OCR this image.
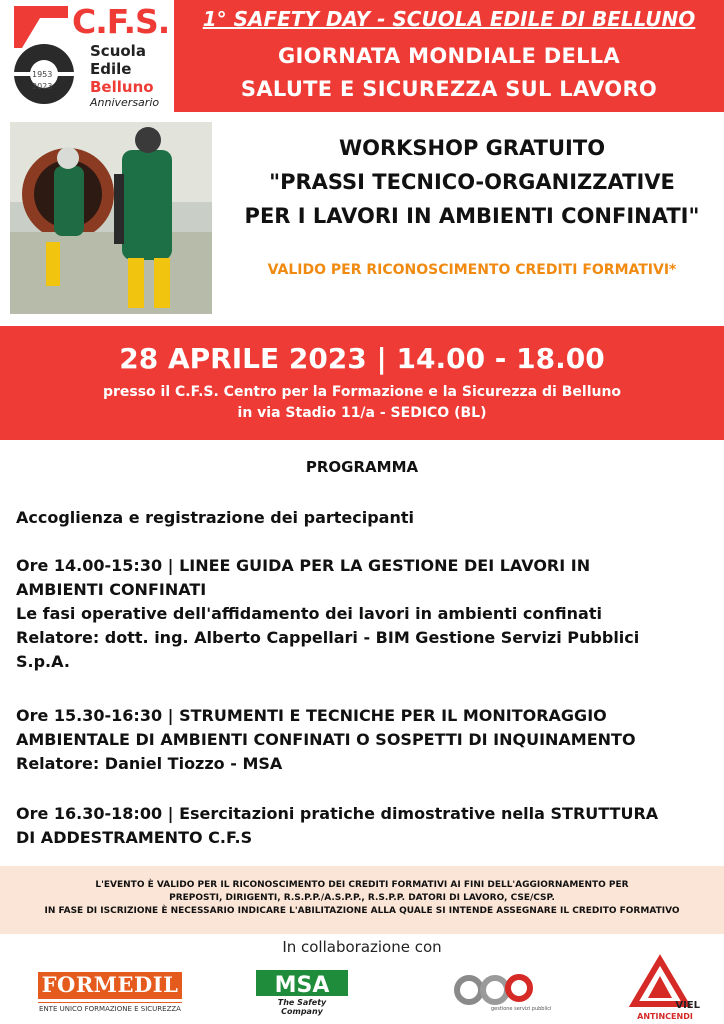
C.F.S.
Scuola
Edile
Belluno
Anniversario
1953
2023
1° SAFETY DAY - SCUOLA EDILE DI BELLUNO
GIORNATA MONDIALE DELLA
SALUTE E SICUREZZA SUL LAVORO
WORKSHOP GRATUITO
"PRASSI TECNICO-ORGANIZZATIVE
PER I LAVORI IN AMBIENTI CONFINATI"
VALIDO PER RICONOSCIMENTO CREDITI FORMATIVI*
28 APRILE 2023 | 14.00 - 18.00
presso il C.F.S. Centro per la Formazione e la Sicurezza di Belluno
in via Stadio 11/a - SEDICO (BL)
PROGRAMMA
Accoglienza e registrazione dei partecipanti
Ore 14.00-15:30 | LINEE GUIDA PER LA GESTIONE DEI LAVORI IN
AMBIENTI CONFINATI
Le fasi operative dell'affidamento dei lavori in ambienti confinati
Relatore: dott. ing. Alberto Cappellari - BIM Gestione Servizi Pubblici
S.p.A.
Ore 15.30-16:30 | STRUMENTI E TECNICHE PER IL MONITORAGGIO
AMBIENTALE DI AMBIENTI CONFINATI O SOSPETTI DI INQUINAMENTO
Relatore: Daniel Tiozzo - MSA
Ore 16.30-18:00 | Esercitazioni pratiche dimostrative nella STRUTTURA
DI ADDESTRAMENTO C.F.S
L'EVENTO È VALIDO PER IL RICONOSCIMENTO DEI CREDITI FORMATIVI AI FINI DELL'AGGIORNAMENTO PER
PREPOSTI, DIRIGENTI, R.S.P.P./A.S.P.P., R.S.P.P. DATORI DI LAVORO, CSE/CSP.
IN FASE DI ISCRIZIONE È NECESSARIO INDICARE L'ABILITAZIONE ALLA QUALE SI INTENDE ASSEGNARE IL CREDITO FORMATIVO
In collaborazione con
FORMEDIL
ENTE UNICO FORMAZIONE E SICUREZZA
MSA
The Safety Company	gestione servizi pubblici	VIEL
ANTINCENDI
